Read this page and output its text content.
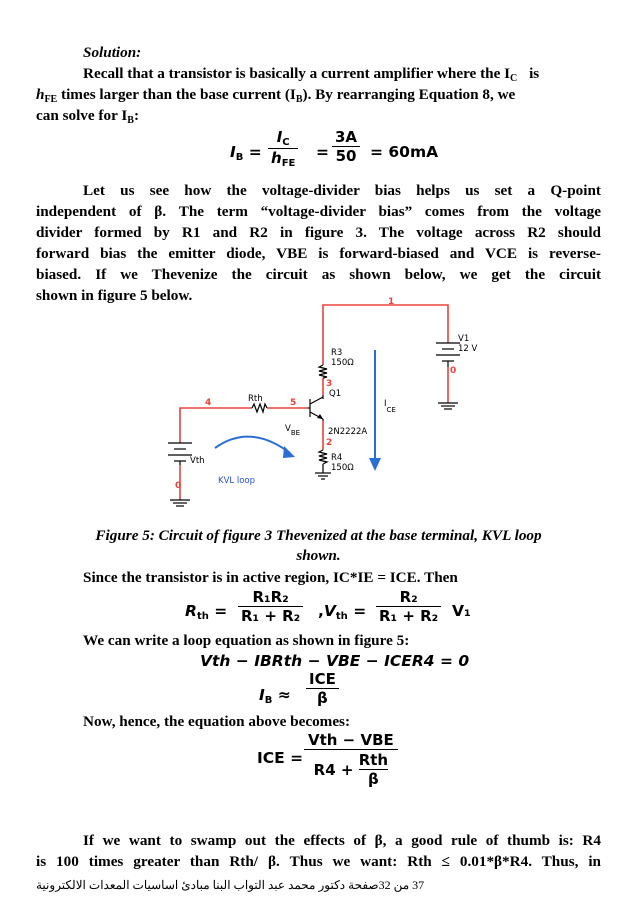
Solution:
Recall that a transistor is basically a current amplifier where the $I_C$ is
$h_{FE}$ times larger than the base current $(I_B)$. By rearranging Equation 8, we
can solve for $I_B$:
$I_B$ =
$I_C$
$h_{FE}$
= $\frac{3A}{50} = 60mA$
Let us see how the voltage-divider bias helps us set a Q-point
independent of β. The term “voltage-divider bias” comes from the voltage
divider formed by R1 and R2 in figure 3. The voltage across R2 should
forward bias the emitter diode, VBE is forward-biased and VCE is reverse-
biased. If we Thevenize the circuit as shown below, we get the circuit
shown in figure 5 below.	1
0
3
4	5
2
0
V1
12 V
R3
150Ω
Q1
2N2222A
Rth
Vth	R4
150Ω
$I_{CE}$
$V_{BE}$
KVL loop
Figure 5: Circuit of figure 3 Thevenized at the base terminal, KVL loop
shown.
Since the transistor is in active region, IC*IE = ICE. Then
$R_{th} = \frac{\text{R₁R₂}}{\text{R₁ + R₂}} ,V_{th} = \frac{\text{R₂}}{\text{R₁ + R₂}} V_1$
We can write a loop equation as shown in figure 5:
Vth − IBRth − VBE − ICER4 = 0
$I_B$ ≈
ICE
β
Now, hence, the equation above becomes:
ICE =
Vth − VBE
R4 +
Rth
β
If we want to swamp out the effects of β, a good rule of thumb is: R4
is 100 times greater than Rth/ β. Thus we want: Rth ≤ 0.01*β*R4. Thus, in
37 من 32صفحة دكتور محمد عبد التواب البنا مبادئ اساسيات المعدات الالكترونية
